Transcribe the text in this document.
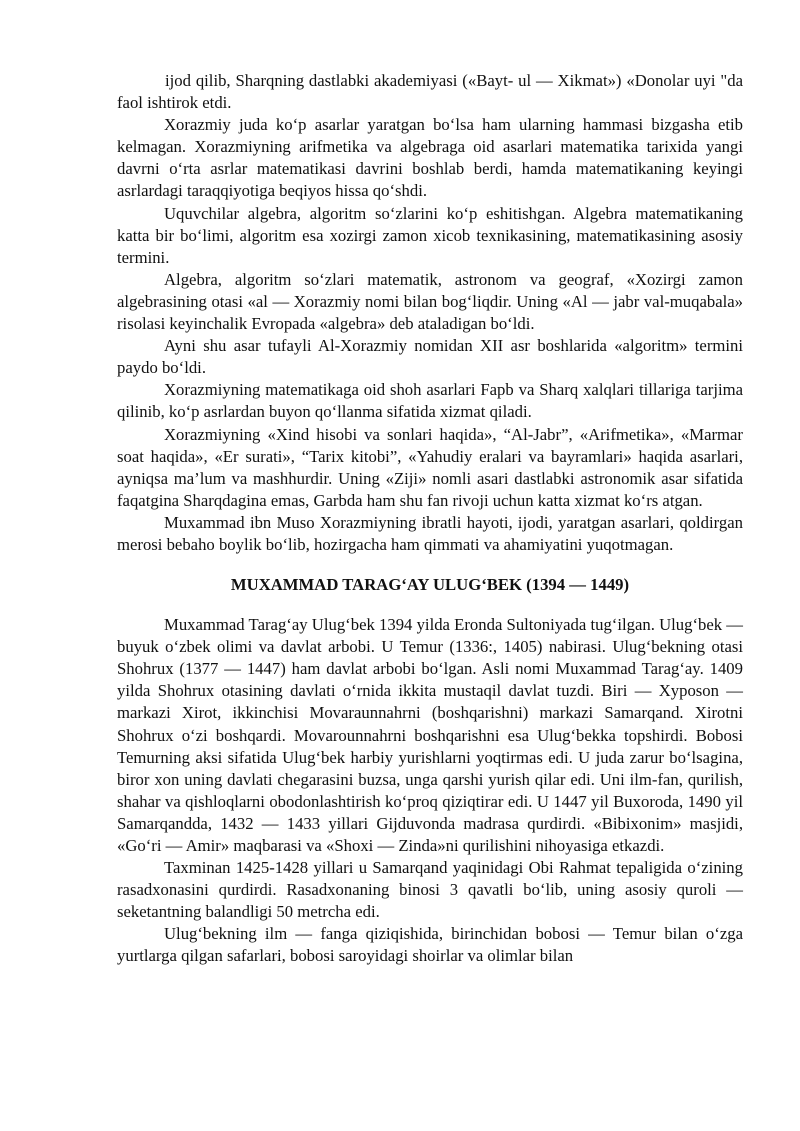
ijod qilib, Sharqning dastlabki akademiyasi («Bayt- ul — Xikmat») «Donolar uyi "da faol ishtirok etdi.

Xorazmiy juda ko‘p asarlar yaratgan bo‘lsa ham ularning hammasi bizgasha etib kelmagan. Xorazmiyning arifmetika va algebraga oid asarlari matematika tarixida yangi davrni o‘rta asrlar matematikasi davrini boshlab berdi, hamda matematikaning keyingi asrlardagi taraqqiyotiga beqiyos hissa qo‘shdi.

Uquvchilar algebra, algoritm so‘zlarini ko‘p eshitishgan. Algebra matematikaning katta bir bo‘limi, algoritm esa xozirgi zamon xicob texnikasining, matematikasining asosiy termini.

Algebra, algoritm so‘zlari matematik, astronom va geograf, «Xozirgi zamon algebrasining otasi «al — Xorazmiy nomi bilan bog‘liqdir. Uning «Al — jabr val-muqabala» risolasi keyinchalik Evropada «algebra» deb ataladigan bo‘ldi.

Ayni shu asar tufayli Al-Xorazmiy nomidan XII asr boshlarida «algoritm» termini paydo bo‘ldi.

Xorazmiyning matematikaga oid shoh asarlari Fapb va Sharq xalqlari tillariga tarjima qilinib, ko‘p asrlardan buyon qo‘llanma sifatida xizmat qiladi.

Xorazmiyning «Xind hisobi va sonlari haqida», “Al-Jabr”, «Arifmetika», «Marmar soat haqida», «Er surati», “Tarix kitobi”, «Yahudiy eralari va bayramlari» haqida asarlari, ayniqsa ma’lum va mashhurdir. Uning «Ziji» nomli asari dastlabki astronomik asar sifatida faqatgina Sharqdagina emas, Garbda ham shu fan rivoji uchun katta xizmat ko‘rs atgan.

Muxammad ibn Muso Xorazmiyning ibratli hayoti, ijodi, yaratgan asarlari, qoldirgan merosi bebaho boylik bo‘lib, hozirgacha ham qimmati va ahamiyatini yuqotmagan.

MUXAMMAD TARAG‘AY ULUG‘BEK (1394 — 1449)

Muxammad Tarag‘ay Ulug‘bek 1394 yilda Eronda Sultoniyada tug‘ilgan. Ulug‘bek — buyuk o‘zbek olimi va davlat arbobi. U Temur (1336:, 1405) nabirasi. Ulug‘bekning otasi Shohrux (1377 — 1447) ham davlat arbobi bo‘lgan. Asli nomi Muxammad Tarag‘ay. 1409 yilda Shohrux otasining davlati o‘rnida ikkita mustaqil davlat tuzdi. Biri — Xyposon — markazi Xirot, ikkinchisi Movaraunnahrni (boshqarishni) markazi Samarqand. Xirotni Shohrux o‘zi boshqardi. Movarounnahrni boshqarishni esa Ulug‘bekka topshirdi. Bobosi Temurning aksi sifatida Ulug‘bek harbiy yurishlarni yoqtirmas edi. U juda zarur bo‘lsagina, biror xon uning davlati chegarasini buzsa, unga qarshi yurish qilar edi. Uni ilm-fan, qurilish, shahar va qishloqlarni obodonlashtirish ko‘proq qiziqtirar edi. U 1447 yil Buxoroda, 1490 yil Samarqandda, 1432 — 1433 yillari Gijduvonda madrasa qurdirdi. «Bibixonim» masjidi, «Go‘ri — Amir» maqbarasi va «Shoxi — Zinda»ni qurilishini nihoyasiga etkazdi.

Taxminan 1425-1428 yillari u Samarqand yaqinidagi Obi Rahmat tepaligida o‘zining rasadxonasini qurdirdi. Rasadxonaning binosi 3 qavatli bo‘lib, uning asosiy quroli — seketantning balandligi 50 metrcha edi.

Ulug‘bekning ilm — fanga qiziqishida, birinchidan bobosi — Temur bilan o‘zga yurtlarga qilgan safarlari, bobosi saroyidagi shoirlar va olimlar bilan
